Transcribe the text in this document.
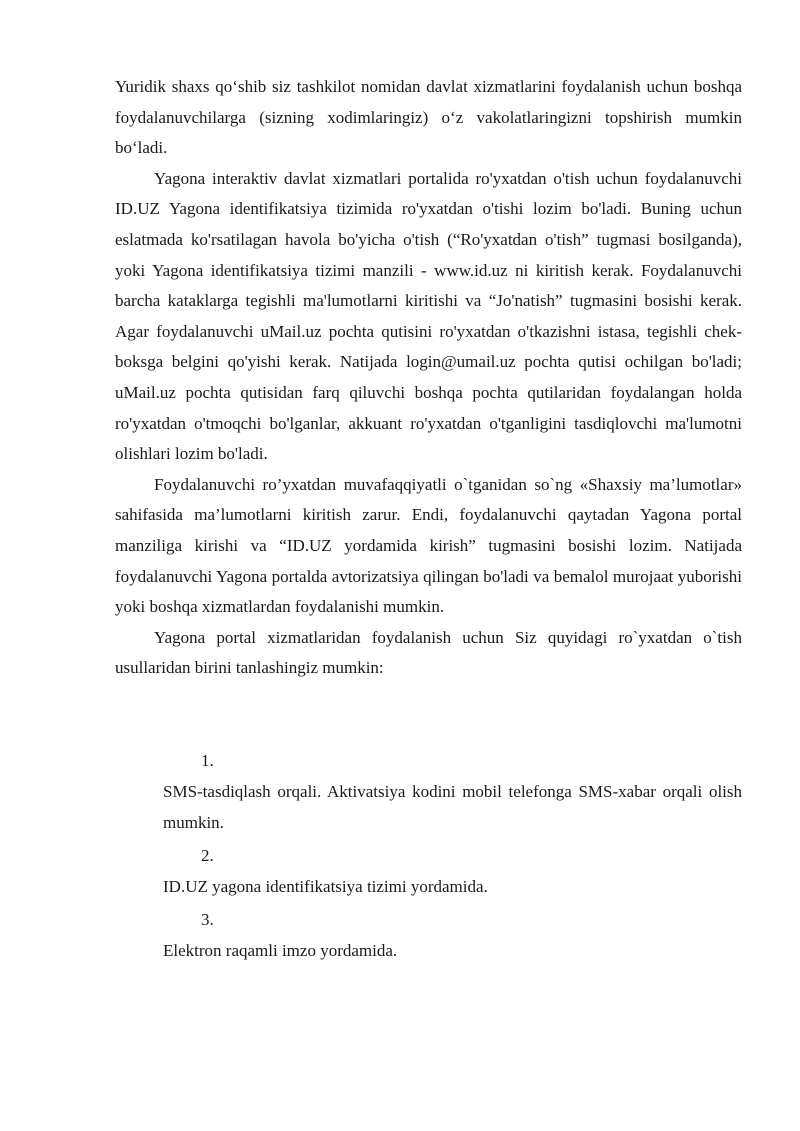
Yuridik shaxs qo‘shib siz tashkilot nomidan davlat xizmatlarini foydalanish uchun boshqa foydalanuvchilarga (sizning xodimlaringiz) o‘z vakolatlaringizni topshirish mumkin bo‘ladi.

Yagona interaktiv davlat xizmatlari portalida ro'yxatdan o'tish uchun foydalanuvchi ID.UZ Yagona identifikatsiya tizimida ro'yxatdan o'tishi lozim bo'ladi. Buning uchun eslatmada ko'rsatilagan havola bo'yicha o'tish (“Ro'yxatdan o'tish” tugmasi bosilganda), yoki Yagona identifikatsiya tizimi manzili - www.id.uz ni kiritish kerak. Foydalanuvchi barcha kataklarga tegishli ma'lumotlarni kiritishi va “Jo'natish” tugmasini bosishi kerak. Agar foydalanuvchi uMail.uz pochta qutisini ro'yxatdan o'tkazishni istasa, tegishli chek-boksga belgini qo'yishi kerak. Natijada login@umail.uz pochta qutisi ochilgan bo'ladi; uMail.uz pochta qutisidan farq qiluvchi boshqa pochta qutilaridan foydalangan holda ro'yxatdan o'tmoqchi bo'lganlar, akkuant ro'yxatdan o'tganligini tasdiqlovchi ma'lumotni olishlari lozim bo'ladi.

Foydalanuvchi ro’yxatdan muvafaqqiyatli o`tganidan so`ng «Shaxsiy ma’lumotlar» sahifasida ma’lumotlarni kiritish zarur. Endi, foydalanuvchi qaytadan Yagona portal manziliga kirishi va “ID.UZ yordamida kirish” tugmasini bosishi lozim. Natijada foydalanuvchi Yagona portalda avtorizatsiya qilingan bo'ladi va bemalol murojaat yuborishi yoki boshqa xizmatlardan foydalanishi mumkin.

Yagona portal xizmatlaridan foydalanish uchun Siz quyidagi ro`yxatdan o`tish usullaridan birini tanlashingiz mumkin:

1.

SMS-tasdiqlash orqali. Aktivatsiya kodini mobil telefonga SMS-xabar orqali olish mumkin.

2.

ID.UZ yagona identifikatsiya tizimi yordamida.

3.

Elektron raqamli imzo yordamida.
